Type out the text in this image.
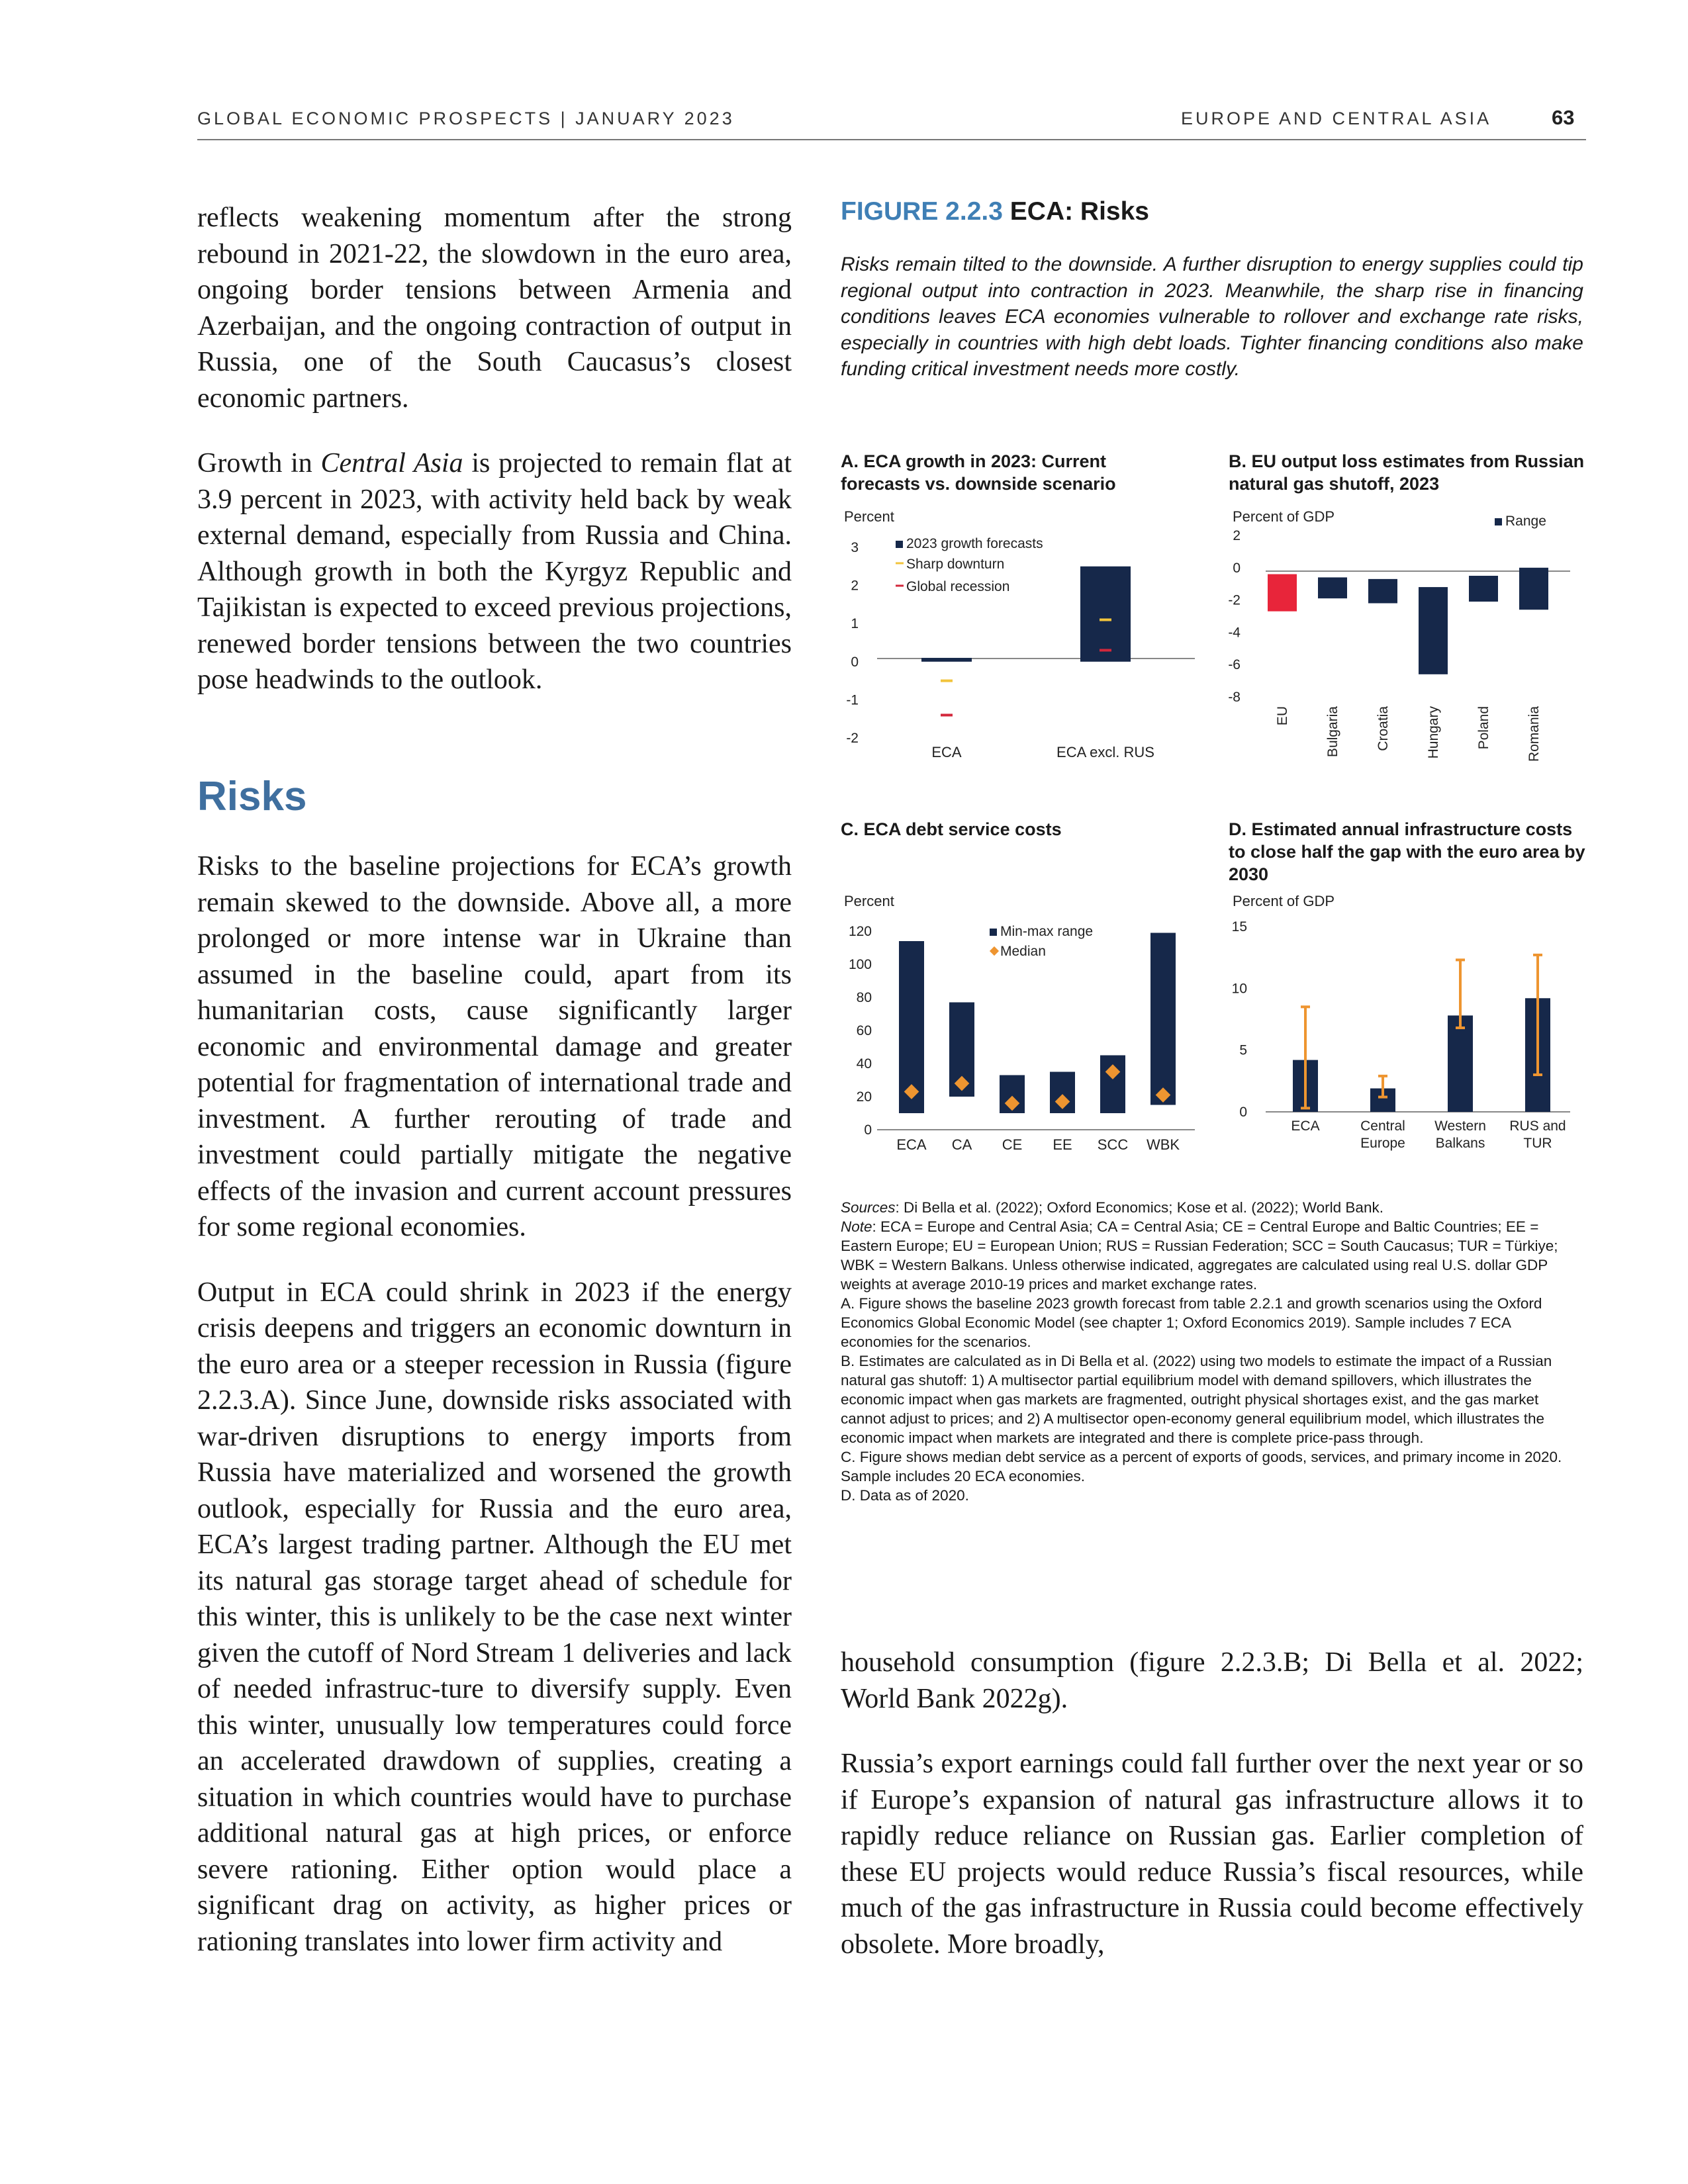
GLOBAL ECONOMIC PROSPECTS | JANUARY 2023	EUROPE AND CENTRAL ASIA	63

reflects weakening momentum after the strong rebound in 2021-22, the slowdown in the euro area, ongoing border tensions between Armenia and Azerbaijan, and the ongoing contraction of output in Russia, one of the South Caucasus’s closest economic partners.

Growth in Central Asia is projected to remain flat at 3.9 percent in 2023, with activity held back by weak external demand, especially from Russia and China. Although growth in both the Kyrgyz Republic and Tajikistan is expected to exceed previous projections, renewed border tensions between the two countries pose headwinds to the outlook.

Risks

Risks to the baseline projections for ECA’s growth remain skewed to the downside. Above all, a more prolonged or more intense war in Ukraine than assumed in the baseline could, apart from its humanitarian costs, cause significantly larger economic and environmental damage and greater potential for fragmentation of international trade and investment. A further rerouting of trade and investment could partially mitigate the negative effects of the invasion and current account pressures for some regional economies.

Output in ECA could shrink in 2023 if the energy crisis deepens and triggers an economic downturn in the euro area or a steeper recession in Russia (figure 2.2.3.A). Since June, downside risks associated with war-driven disruptions to energy imports from Russia have materialized and worsened the growth outlook, especially for Russia and the euro area, ECA’s largest trading partner. Although the EU met its natural gas storage target ahead of schedule for this winter, this is unlikely to be the case next winter given the cutoff of Nord Stream 1 deliveries and lack of needed infrastruc-ture to diversify supply. Even this winter, unusually low temperatures could force an accelerated drawdown of supplies, creating a situation in which countries would have to purchase additional natural gas at high prices, or enforce severe rationing. Either option would place a significant drag on activity, as higher prices or rationing translates into lower firm activity and

FIGURE 2.2.3 ECA: Risks
Risks remain tilted to the downside. A further disruption to energy supplies could tip regional output into contraction in 2023. Meanwhile, the sharp rise in financing conditions leaves ECA economies vulnerable to rollover and exchange rate risks, especially in countries with high debt loads. Tighter financing conditions also make funding critical investment needs more costly.
A. ECA growth in 2023: Current forecasts vs. downside scenario
B. EU output loss estimates from Russian natural gas shutoff, 2023
C. ECA debt service costs	D. Estimated annual infrastructure costs to close half the gap with the euro area by 2030
Percent
3
2
1
0
-1
-2
ECA	ECA excl. RUS
2023 growth forecasts
Sharp downturn
Global recession
Percent of GDP	Range
2
0
-2
-4
-6
-8
EU	Bulgaria	Croatia	Hungary	Poland	Romania
Percent
120
100
80
60
40
20
0
ECA CA CE EE SCC WBK
Min-max range
Median
Percent of GDP
15
10
5
0
ECA	Central
Europe
Western
Balkans
RUS and
TUR

Sources: Di Bella et al. (2022); Oxford Economics; Kose et al. (2022); World Bank.

Note: ECA = Europe and Central Asia; CA = Central Asia; CE = Central Europe and Baltic Countries; EE = Eastern Europe; EU = European Union; RUS = Russian Federation; SCC = South Caucasus; TUR = Türkiye; WBK = Western Balkans. Unless otherwise indicated, aggregates are calculated using real U.S. dollar GDP weights at average 2010-19 prices and market exchange rates.

A. Figure shows the baseline 2023 growth forecast from table 2.2.1 and growth scenarios using the Oxford Economics Global Economic Model (see chapter 1; Oxford Economics 2019). Sample includes 7 ECA economies for the scenarios.

B. Estimates are calculated as in Di Bella et al. (2022) using two models to estimate the impact of a Russian natural gas shutoff: 1) A multisector partial equilibrium model with demand spillovers, which illustrates the economic impact when gas markets are fragmented, outright physical shortages exist, and the gas market cannot adjust to prices; and 2) A multisector open-economy general equilibrium model, which illustrates the economic impact when markets are integrated and there is complete price-pass through.

C. Figure shows median debt service as a percent of exports of goods, services, and primary income in 2020. Sample includes 20 ECA economies.

D. Data as of 2020.

household consumption (figure 2.2.3.B; Di Bella et al. 2022; World Bank 2022g).

Russia’s export earnings could fall further over the next year or so if Europe’s expansion of natural gas infrastructure allows it to rapidly reduce reliance on Russian gas. Earlier completion of these EU projects would reduce Russia’s fiscal resources, while much of the gas infrastructure in Russia could become effectively obsolete. More broadly,
